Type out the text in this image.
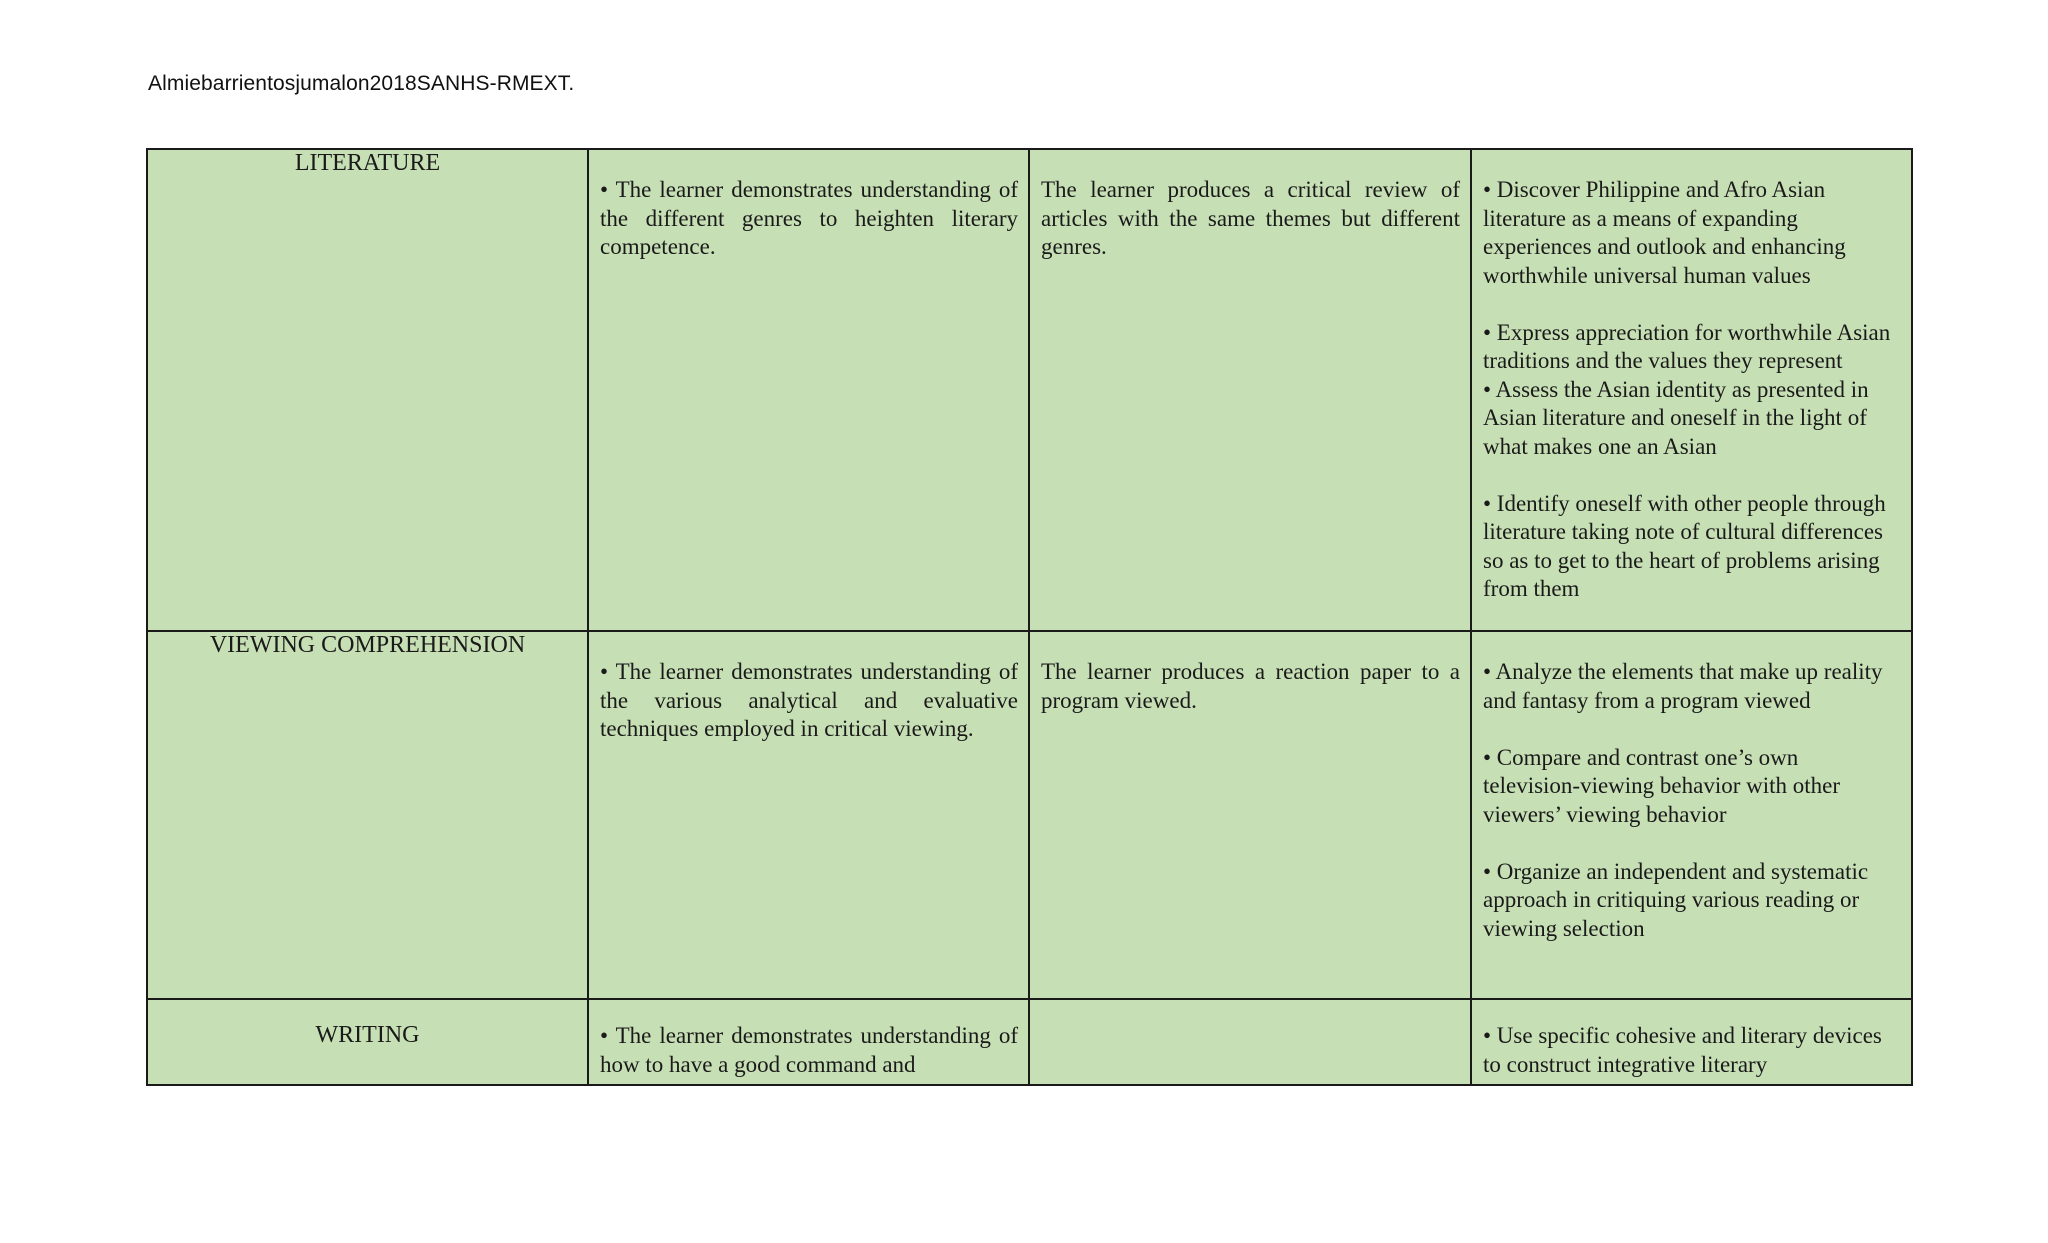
Almiebarrientosjumalon2018SANHS-RMEXT.
LITERATURE	• The learner demonstrates understanding of the different genres to heighten literary competence.	The learner produces a critical review of articles with the same themes but different genres.	• Discover Philippine and Afro Asian literature as a means of expanding experiences and outlook and enhancing worthwhile universal human values
• Express appreciation for worthwhile Asian traditions and the values they represent
• Assess the Asian identity as presented in Asian literature and oneself in the light of what makes one an Asian
• Identify oneself with other people through literature taking note of cultural differences so as to get to the heart of problems arising from them

VIEWING COMPREHENSION	• The learner demonstrates understanding of the various analytical and evaluative techniques employed in critical viewing.	The learner produces a reaction paper to a program viewed.	• Analyze the elements that make up reality and fantasy from a program viewed
• Compare and contrast one’s own television-viewing behavior with other viewers’ viewing behavior
• Organize an independent and systematic approach in critiquing various reading or viewing selection

WRITING	• The learner demonstrates understanding of how to have a good command and		• Use specific cohesive and literary devices to construct integrative literary
